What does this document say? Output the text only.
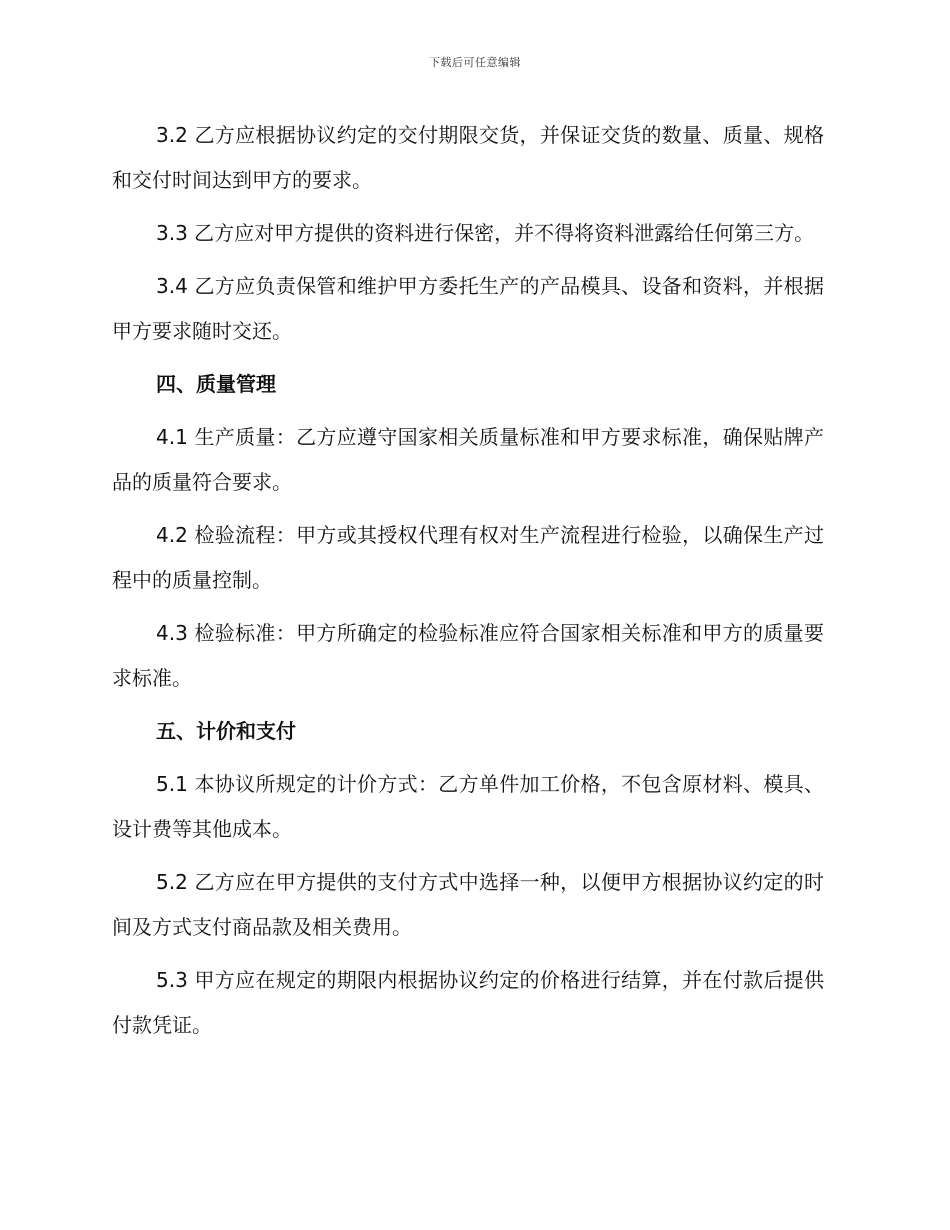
下载后可任意编辑

3.2 乙方应根据协议约定的交付期限交货，并保证交货的数量、质量、规格和交付时间达到甲方的要求。

3.3 乙方应对甲方提供的资料进行保密，并不得将资料泄露给任何第三方。

3.4 乙方应负责保管和维护甲方委托生产的产品模具、设备和资料，并根据甲方要求随时交还。

四、质量管理

4.1 生产质量：乙方应遵守国家相关质量标准和甲方要求标准，确保贴牌产品的质量符合要求。

4.2 检验流程：甲方或其授权代理有权对生产流程进行检验，以确保生产过程中的质量控制。

4.3 检验标准：甲方所确定的检验标准应符合国家相关标准和甲方的质量要求标准。

五、计价和支付

5.1 本协议所规定的计价方式：乙方单件加工价格，不包含原材料、模具、设计费等其他成本。

5.2 乙方应在甲方提供的支付方式中选择一种，以便甲方根据协议约定的时间及方式支付商品款及相关费用。

5.3 甲方应在规定的期限内根据协议约定的价格进行结算，并在付款后提供付款凭证。
